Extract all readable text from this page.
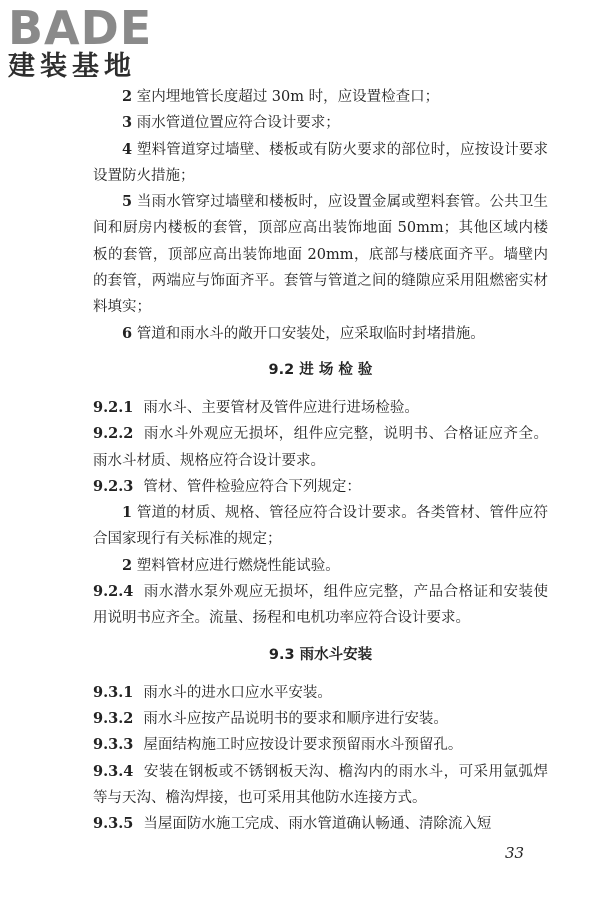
BADE
建装基地

2 室内埋地管长度超过 30m 时，应设置检查口；

3 雨水管道位置应符合设计要求；

4 塑料管道穿过墙壁、楼板或有防火要求的部位时，应按设计要求设置防火措施；

5 当雨水管穿过墙壁和楼板时，应设置金属或塑料套管。公共卫生间和厨房内楼板的套管，顶部应高出装饰地面 50mm；其他区域内楼板的套管，顶部应高出装饰地面 20mm，底部与楼底面齐平。墙壁内的套管，两端应与饰面齐平。套管与管道之间的缝隙应采用阻燃密实材料填实；

6 管道和雨水斗的敞开口安装处，应采取临时封堵措施。

9.2 进 场 检 验

9.2.1 雨水斗、主要管材及管件应进行进场检验。

9.2.2 雨水斗外观应无损坏，组件应完整，说明书、合格证应齐全。雨水斗材质、规格应符合设计要求。

9.2.3 管材、管件检验应符合下列规定：

1 管道的材质、规格、管径应符合设计要求。各类管材、管件应符合国家现行有关标准的规定；

2 塑料管材应进行燃烧性能试验。

9.2.4 雨水潜水泵外观应无损坏，组件应完整，产品合格证和安装使用说明书应齐全。流量、扬程和电机功率应符合设计要求。

9.3 雨水斗安装

9.3.1 雨水斗的进水口应水平安装。

9.3.2 雨水斗应按产品说明书的要求和顺序进行安装。

9.3.3 屋面结构施工时应按设计要求预留雨水斗预留孔。

9.3.4 安装在钢板或不锈钢板天沟、檐沟内的雨水斗，可采用氩弧焊等与天沟、檐沟焊接，也可采用其他防水连接方式。

9.3.5 当屋面防水施工完成、雨水管道确认畅通、清除流入短

33
